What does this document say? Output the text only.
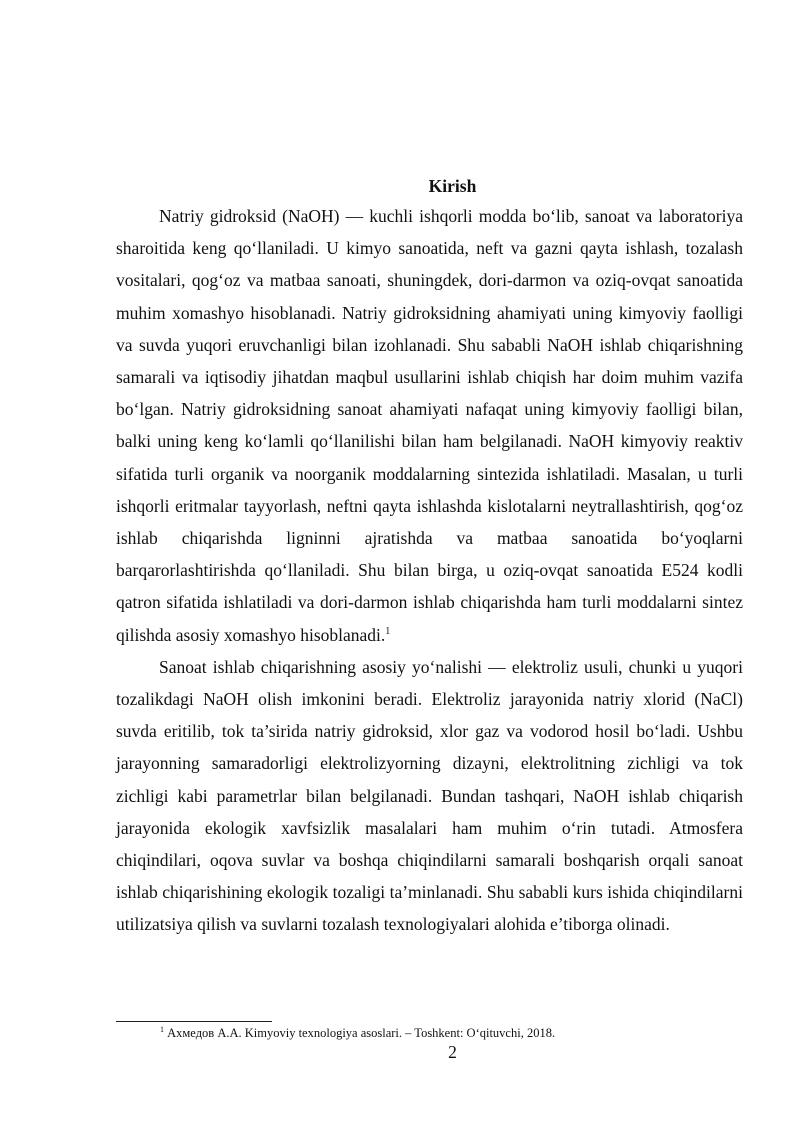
Kirish

Natriy gidroksid (NaOH) — kuchli ishqorli modda bo‘lib, sanoat va laboratoriya sharoitida keng qo‘llaniladi. U kimyo sanoatida, neft va gazni qayta ishlash, tozalash vositalari, qog‘oz va matbaa sanoati, shuningdek, dori-darmon va oziq-ovqat sanoatida muhim xomashyo hisoblanadi. Natriy gidroksidning ahamiyati uning kimyoviy faolligi va suvda yuqori eruvchanligi bilan izohlanadi. Shu sababli NaOH ishlab chiqarishning samarali va iqtisodiy jihatdan maqbul usullarini ishlab chiqish har doim muhim vazifa bo‘lgan. Natriy gidroksidning sanoat ahamiyati nafaqat uning kimyoviy faolligi bilan, balki uning keng ko‘lamli qo‘llanilishi bilan ham belgilanadi. NaOH kimyoviy reaktiv sifatida turli organik va noorganik moddalarning sintezida ishlatiladi. Masalan, u turli ishqorli eritmalar tayyorlash, neftni qayta ishlashda kislotalarni neytrallashtirish, qog‘oz ishlab chiqarishda ligninni ajratishda va matbaa sanoatida bo‘yoqlarni barqarorlashtirishda qo‘llaniladi. Shu bilan birga, u oziq-ovqat sanoatida E524 kodli qatron sifatida ishlatiladi va dori-darmon ishlab chiqarishda ham turli moddalarni sintez qilishda asosiy xomashyo hisoblanadi.$^1$

Sanoat ishlab chiqarishning asosiy yo‘nalishi — elektroliz usuli, chunki u yuqori tozalikdagi NaOH olish imkonini beradi. Elektroliz jarayonida natriy xlorid (NaCl) suvda eritilib, tok ta’sirida natriy gidroksid, xlor gaz va vodorod hosil bo‘ladi. Ushbu jarayonning samaradorligi elektrolizyorning dizayni, elektrolitning zichligi va tok zichligi kabi parametrlar bilan belgilanadi. Bundan tashqari, NaOH ishlab chiqarish jarayonida ekologik xavfsizlik masalalari ham muhim o‘rin tutadi. Atmosfera chiqindilari, oqova suvlar va boshqa chiqindilarni samarali boshqarish orqali sanoat ishlab chiqarishining ekologik tozaligi ta’minlanadi. Shu sababli kurs ishida chiqindilarni utilizatsiya qilish va suvlarni tozalash texnologiyalari alohida e’tiborga olinadi.

$^1$ Ахмедов А.А. Kimyoviy texnologiya asoslari. – Toshkent: O‘qituvchi, 2018.
2
